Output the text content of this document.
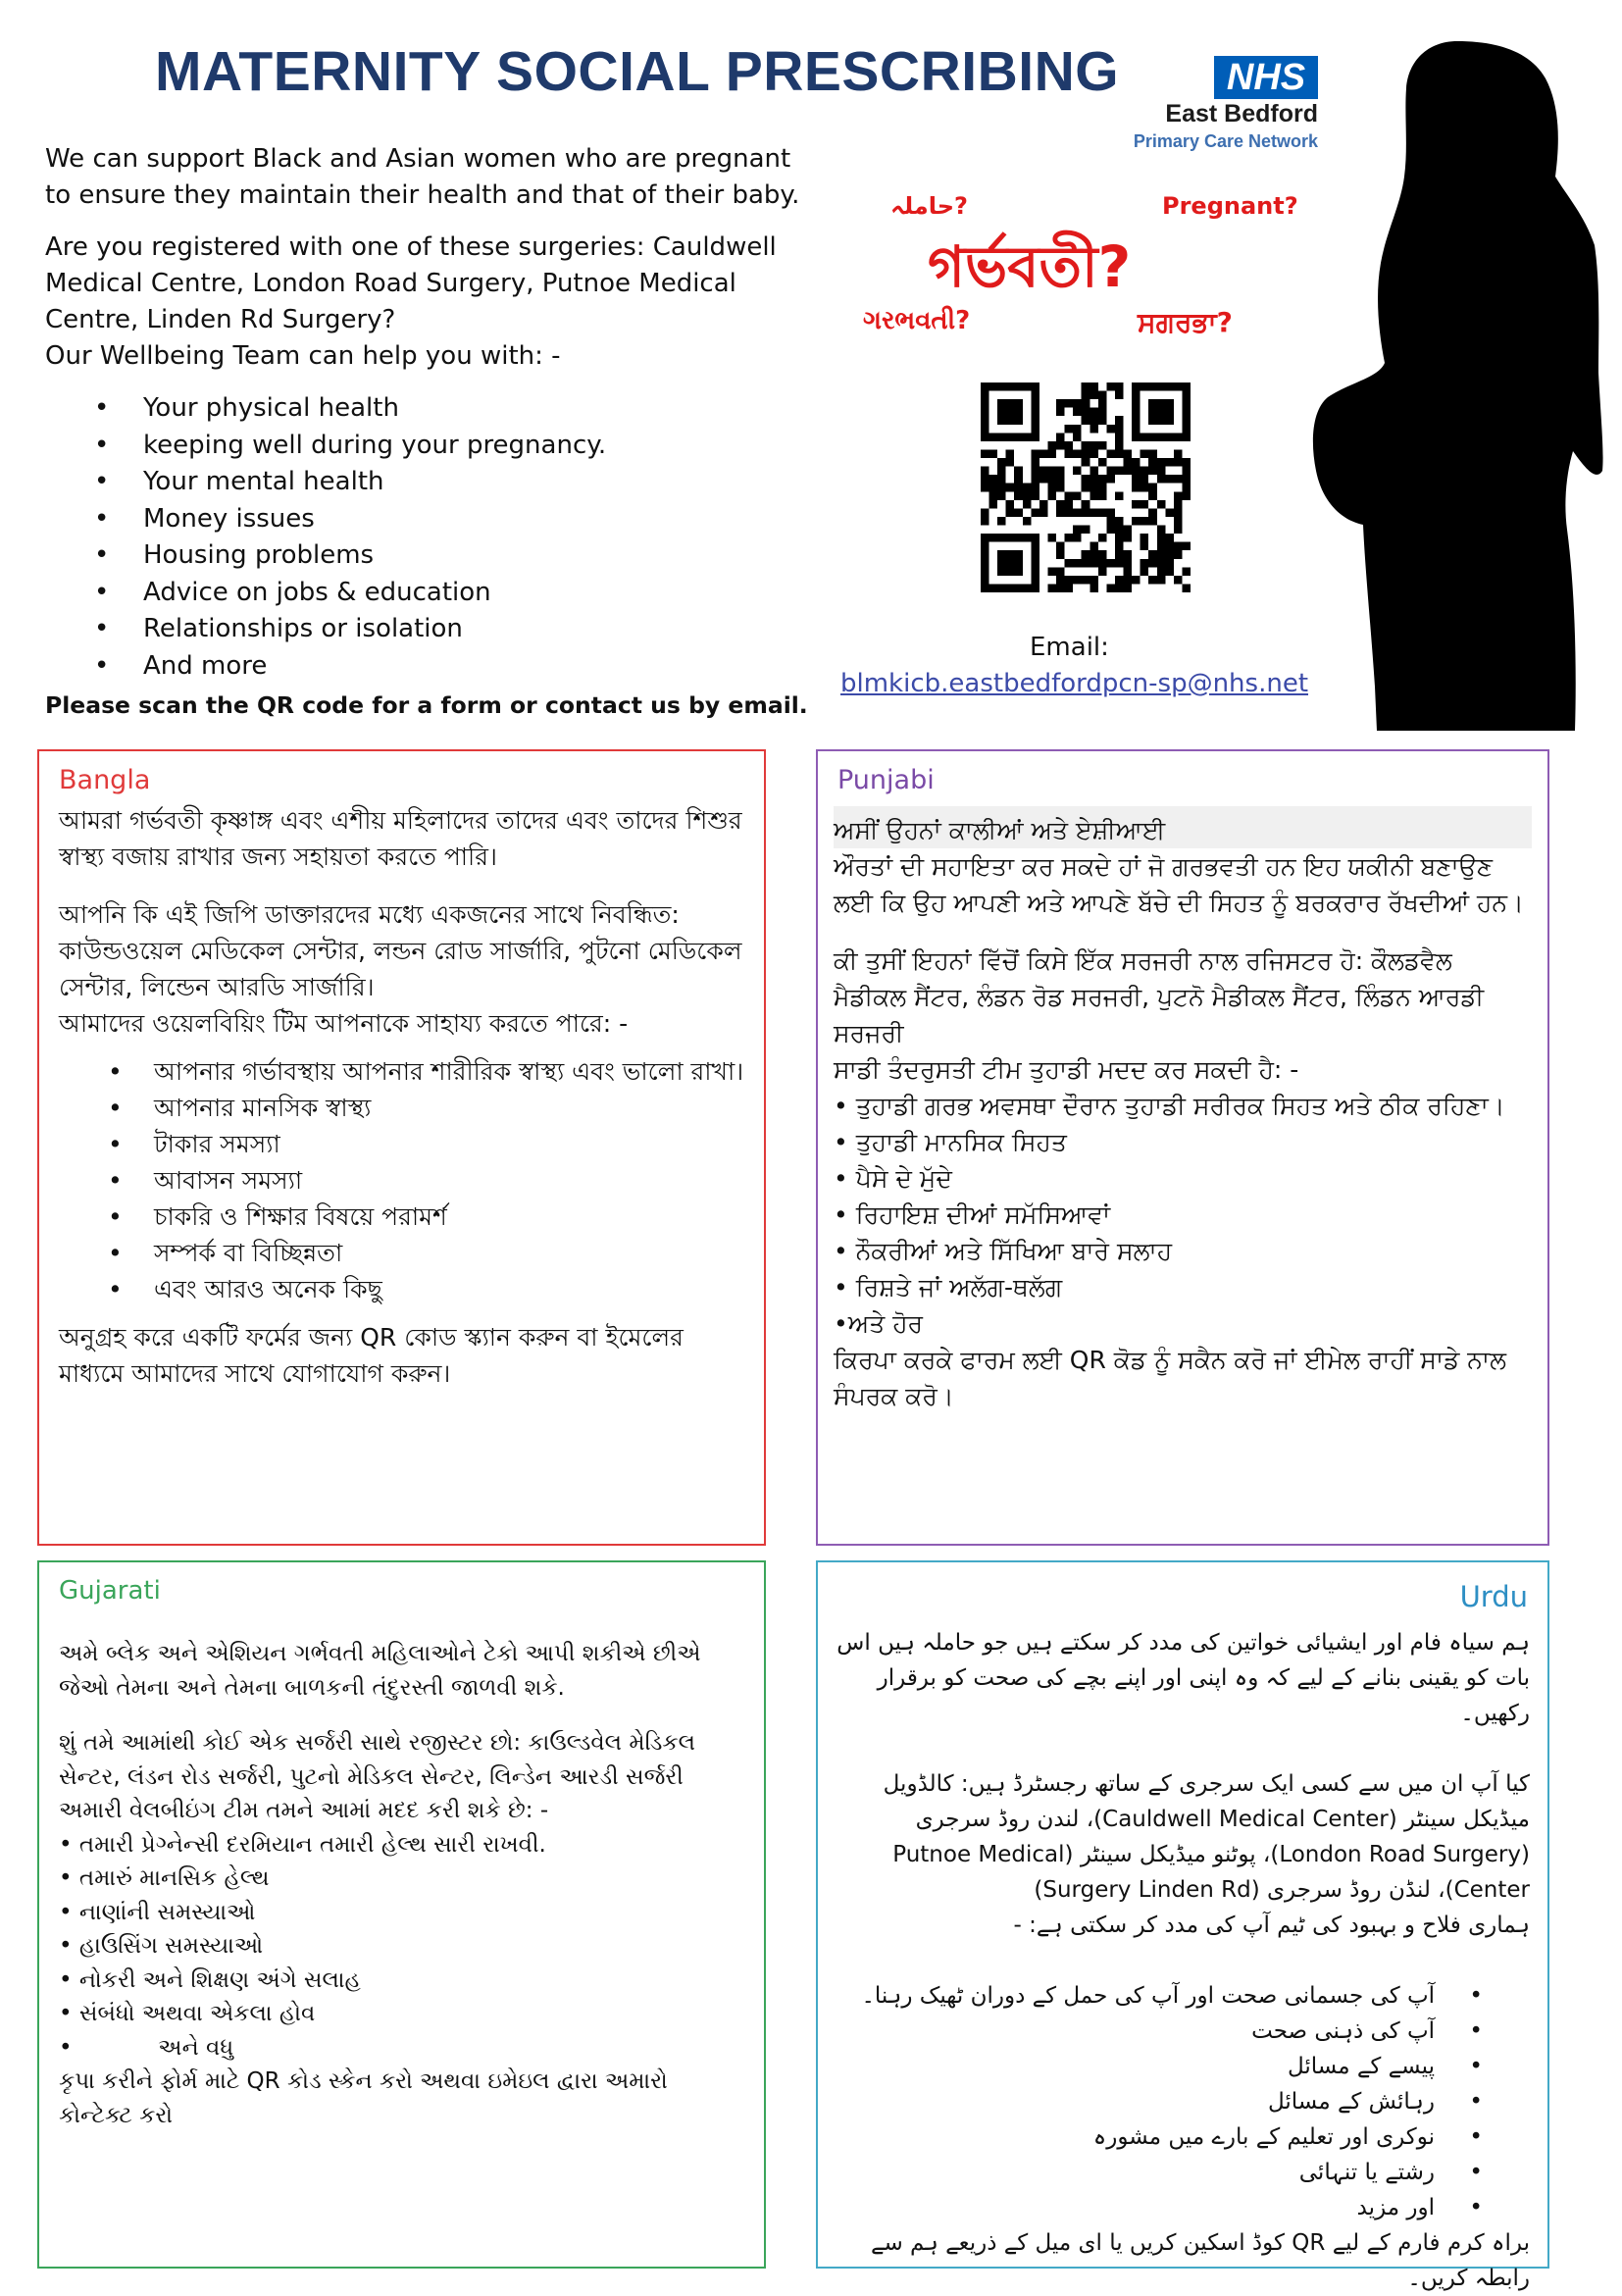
MATERNITY SOCIAL PRESCRIBING

We can support Black and Asian women who are pregnant to ensure they maintain their health and that of their baby.

Are you registered with one of these surgeries: Cauldwell Medical Centre, London Road Surgery, Putnoe Medical Centre, Linden Rd Surgery?

Our Wellbeing Team can help you with: -

• Your physical health
• keeping well during your pregnancy.
• Your mental health
• Money issues
• Housing problems
• Advice on jobs & education
• Relationships or isolation
• And more
Please scan the QR code for a form or contact us by email.
NHS
East Bedford
Primary Care Network
حاملہ?	Pregnant?
গর্ভবতী?
ગરભવતી?	ਸਗਰਭਾ?
Email:
blmkicb.eastbedfordpcn-sp@nhs.net
Bangla

আমরা গর্ভবতী কৃষ্ণাঙ্গ এবং এশীয় মহিলাদের তাদের এবং তাদের শিশুর স্বাস্থ্য বজায় রাখার জন্য সহায়তা করতে পারি।

আপনি কি এই জিপি ডাক্তারদের মধ্যে একজনের সাথে নিবন্ধিত: কাউন্ডওয়েল মেডিকেল সেন্টার, লন্ডন রোড সার্জারি, পুটনো মেডিকেল সেন্টার, লিন্ডেন আরডি সার্জারি।

আমাদের ওয়েলবিয়িং টিম আপনাকে সাহায্য করতে পারে: -

• আপনার গর্ভাবস্থায় আপনার শারীরিক স্বাস্থ্য এবং ভালো রাখা।
• আপনার মানসিক স্বাস্থ্য
• টাকার সমস্যা
• আবাসন সমস্যা
• চাকরি ও শিক্ষার বিষয়ে পরামর্শ
• সম্পর্ক বা বিচ্ছিন্নতা
• এবং আরও অনেক কিছু

অনুগ্রহ করে একটি ফর্মের জন্য QR কোড স্ক্যান করুন বা ইমেলের মাধ্যমে আমাদের সাথে যোগাযোগ করুন।

Punjabi

ਅਸੀਂ ਉਹਨਾਂ ਕਾਲੀਆਂ ਅਤੇ ਏਸ਼ੀਆਈ

ਔਰਤਾਂ ਦੀ ਸਹਾਇਤਾ ਕਰ ਸਕਦੇ ਹਾਂ ਜੋ ਗਰਭਵਤੀ ਹਨ ਇਹ ਯਕੀਨੀ ਬਣਾਉਣ ਲਈ ਕਿ ਉਹ ਆਪਣੀ ਅਤੇ ਆਪਣੇ ਬੱਚੇ ਦੀ ਸਿਹਤ ਨੂੰ ਬਰਕਰਾਰ ਰੱਖਦੀਆਂ ਹਨ।

ਕੀ ਤੁਸੀਂ ਇਹਨਾਂ ਵਿੱਚੋਂ ਕਿਸੇ ਇੱਕ ਸਰਜਰੀ ਨਾਲ ਰਜਿਸਟਰ ਹੋ: ਕੌਲਡਵੈਲ ਮੈਡੀਕਲ ਸੈਂਟਰ, ਲੰਡਨ ਰੋਡ ਸਰਜਰੀ, ਪੁਟਨੋ ਮੈਡੀਕਲ ਸੈਂਟਰ, ਲਿੰਡਨ ਆਰਡੀ ਸਰਜਰੀ

ਸਾਡੀ ਤੰਦਰੁਸਤੀ ਟੀਮ ਤੁਹਾਡੀ ਮਦਦ ਕਰ ਸਕਦੀ ਹੈ: -

• ਤੁਹਾਡੀ ਗਰਭ ਅਵਸਥਾ ਦੌਰਾਨ ਤੁਹਾਡੀ ਸਰੀਰਕ ਸਿਹਤ ਅਤੇ ਠੀਕ ਰਹਿਣਾ।

• ਤੁਹਾਡੀ ਮਾਨਸਿਕ ਸਿਹਤ

• ਪੈਸੇ ਦੇ ਮੁੱਦੇ

• ਰਿਹਾਇਸ਼ ਦੀਆਂ ਸਮੱਸਿਆਵਾਂ

• ਨੌਕਰੀਆਂ ਅਤੇ ਸਿੱਖਿਆ ਬਾਰੇ ਸਲਾਹ

• ਰਿਸ਼ਤੇ ਜਾਂ ਅਲੱਗ-ਥਲੱਗ

•ਅਤੇ ਹੋਰ

ਕਿਰਪਾ ਕਰਕੇ ਫਾਰਮ ਲਈ QR ਕੋਡ ਨੂੰ ਸਕੈਨ ਕਰੋ ਜਾਂ ਈਮੇਲ ਰਾਹੀਂ ਸਾਡੇ ਨਾਲ ਸੰਪਰਕ ਕਰੋ।

Gujarati

અમે બ્લેક અને એશિયન ગર્ભવતી મહિલાઓને ટેકો આપી શકીએ છીએ જેઓ તેમના અને તેમના બાળકની તંદુરસ્તી જાળવી શકે.

શું તમે આમાંથી કોઈ એક સર્જરી સાથે રજીસ્ટર છો: કાઉલ્ડવેલ મેડિકલ સેન્ટર, લંડન રોડ સર્જરી, પુટનો મેડિકલ સેન્ટર, લિન્ડેન આરડી સર્જરી

અમારી વેલબીઇંગ ટીમ તમને આમાં મદદ કરી શકે છે: -

• તમારી પ્રેગ્નેન્સી દરમિયાન તમારી હેલ્થ સારી રાખવી.

• તમારું માનસિક હેલ્થ

• નાણાંની સમસ્યાઓ

• હાઉસિંગ સમસ્યાઓ

• નોકરી અને શિક્ષણ અંગે સલાહ

• સંબંધો અથવા એકલા હોવ

•            અને વધુ

કૃપા કરીને ફોર્મ માટે QR કોડ સ્કેન કરો અથવા ઇમેઇલ દ્વારા અમારો કોન્ટેક્ટ કરો

Urdu

ہم سیاہ فام اور ایشیائی خواتین کی مدد کر سکتے ہیں جو حاملہ ہیں اس بات کو یقینی بنانے کے لیے کہ وہ اپنی اور اپنے بچے کی صحت کو برقرار رکھیں۔

کیا آپ ان میں سے کسی ایک سرجری کے ساتھ رجسٹرڈ ہیں: کالڈویل میڈیکل سینٹر (Cauldwell Medical Center)، لندن روڈ سرجری (London Road Surgery)، پوٹنو میڈیکل سینٹر (Putnoe Medical Center)، لنڈن روڈ سرجری (Surgery Linden Rd)

ہماری فلاح و بہبود کی ٹیم آپ کی مدد کر سکتی ہے: -

• آپ کی جسمانی صحت اور آپ کی حمل کے دوران ٹھیک رہنا۔
• آپ کی ذہنی صحت
• پیسے کے مسائل
• رہائش کے مسائل
• نوکری اور تعلیم کے بارے میں مشورہ
• رشتے یا تنہائی
• اور مزید

براہ کرم فارم کے لیے QR کوڈ اسکین کریں یا ای میل کے ذریعے ہم سے رابطہ کریں۔
